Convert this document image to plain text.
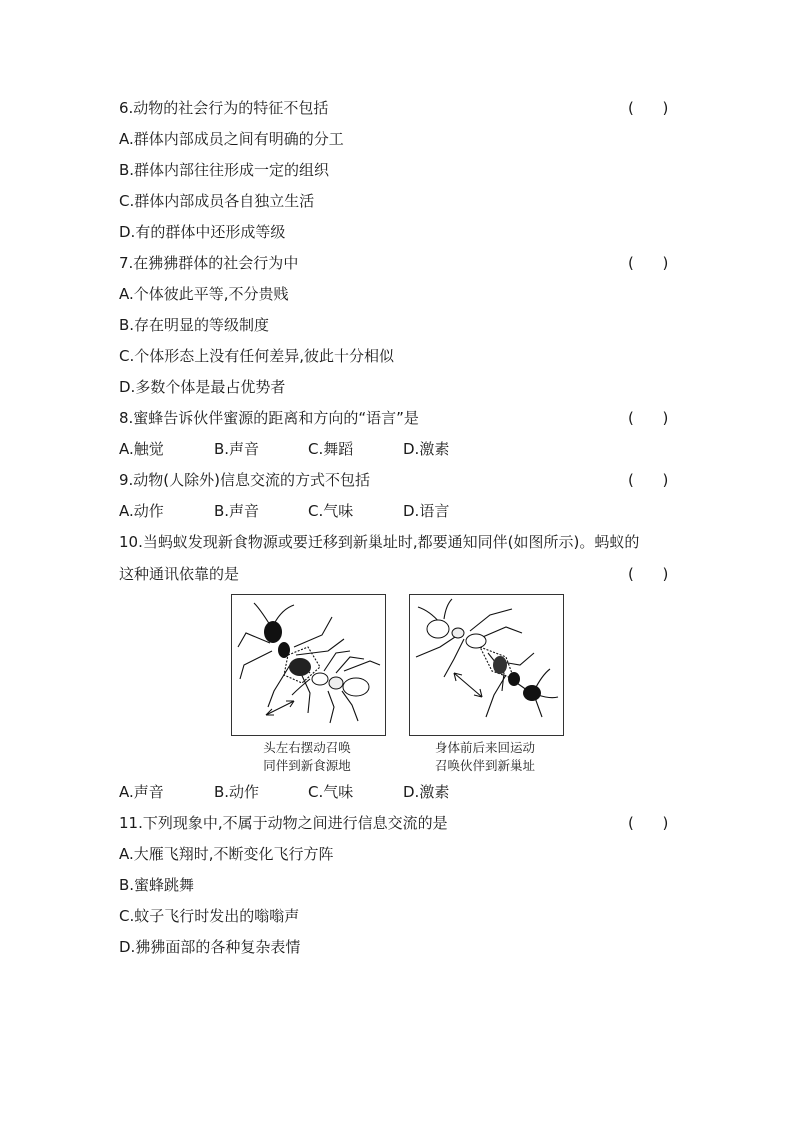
6.动物的社会行为的特征不包括	(      )
A.群体内部成员之间有明确的分工
B.群体内部往往形成一定的组织
C.群体内部成员各自独立生活
D.有的群体中还形成等级
7.在狒狒群体的社会行为中	(      )
A.个体彼此平等,不分贵贱
B.存在明显的等级制度
C.个体形态上没有任何差异,彼此十分相似
D.多数个体是最占优势者
8.蜜蜂告诉伙伴蜜源的距离和方向的“语言”是	(      )
A.触觉	B.声音	C.舞蹈	D.激素
9.动物(人除外)信息交流的方式不包括	(      )
A.动作	B.声音	C.气味	D.语言
10.当蚂蚁发现新食物源或要迁移到新巢址时,都要通知同伴(如图所示)。蚂蚁的
这种通讯依靠的是	(      )
头左右摆动召唤
同伴到新食源地
身体前后来回运动
召唤伙伴到新巢址
A.声音	B.动作	C.气味	D.激素
11.下列现象中,不属于动物之间进行信息交流的是	(      )
A.大雁飞翔时,不断变化飞行方阵
B.蜜蜂跳舞
C.蚊子飞行时发出的嗡嗡声
D.狒狒面部的各种复杂表情
